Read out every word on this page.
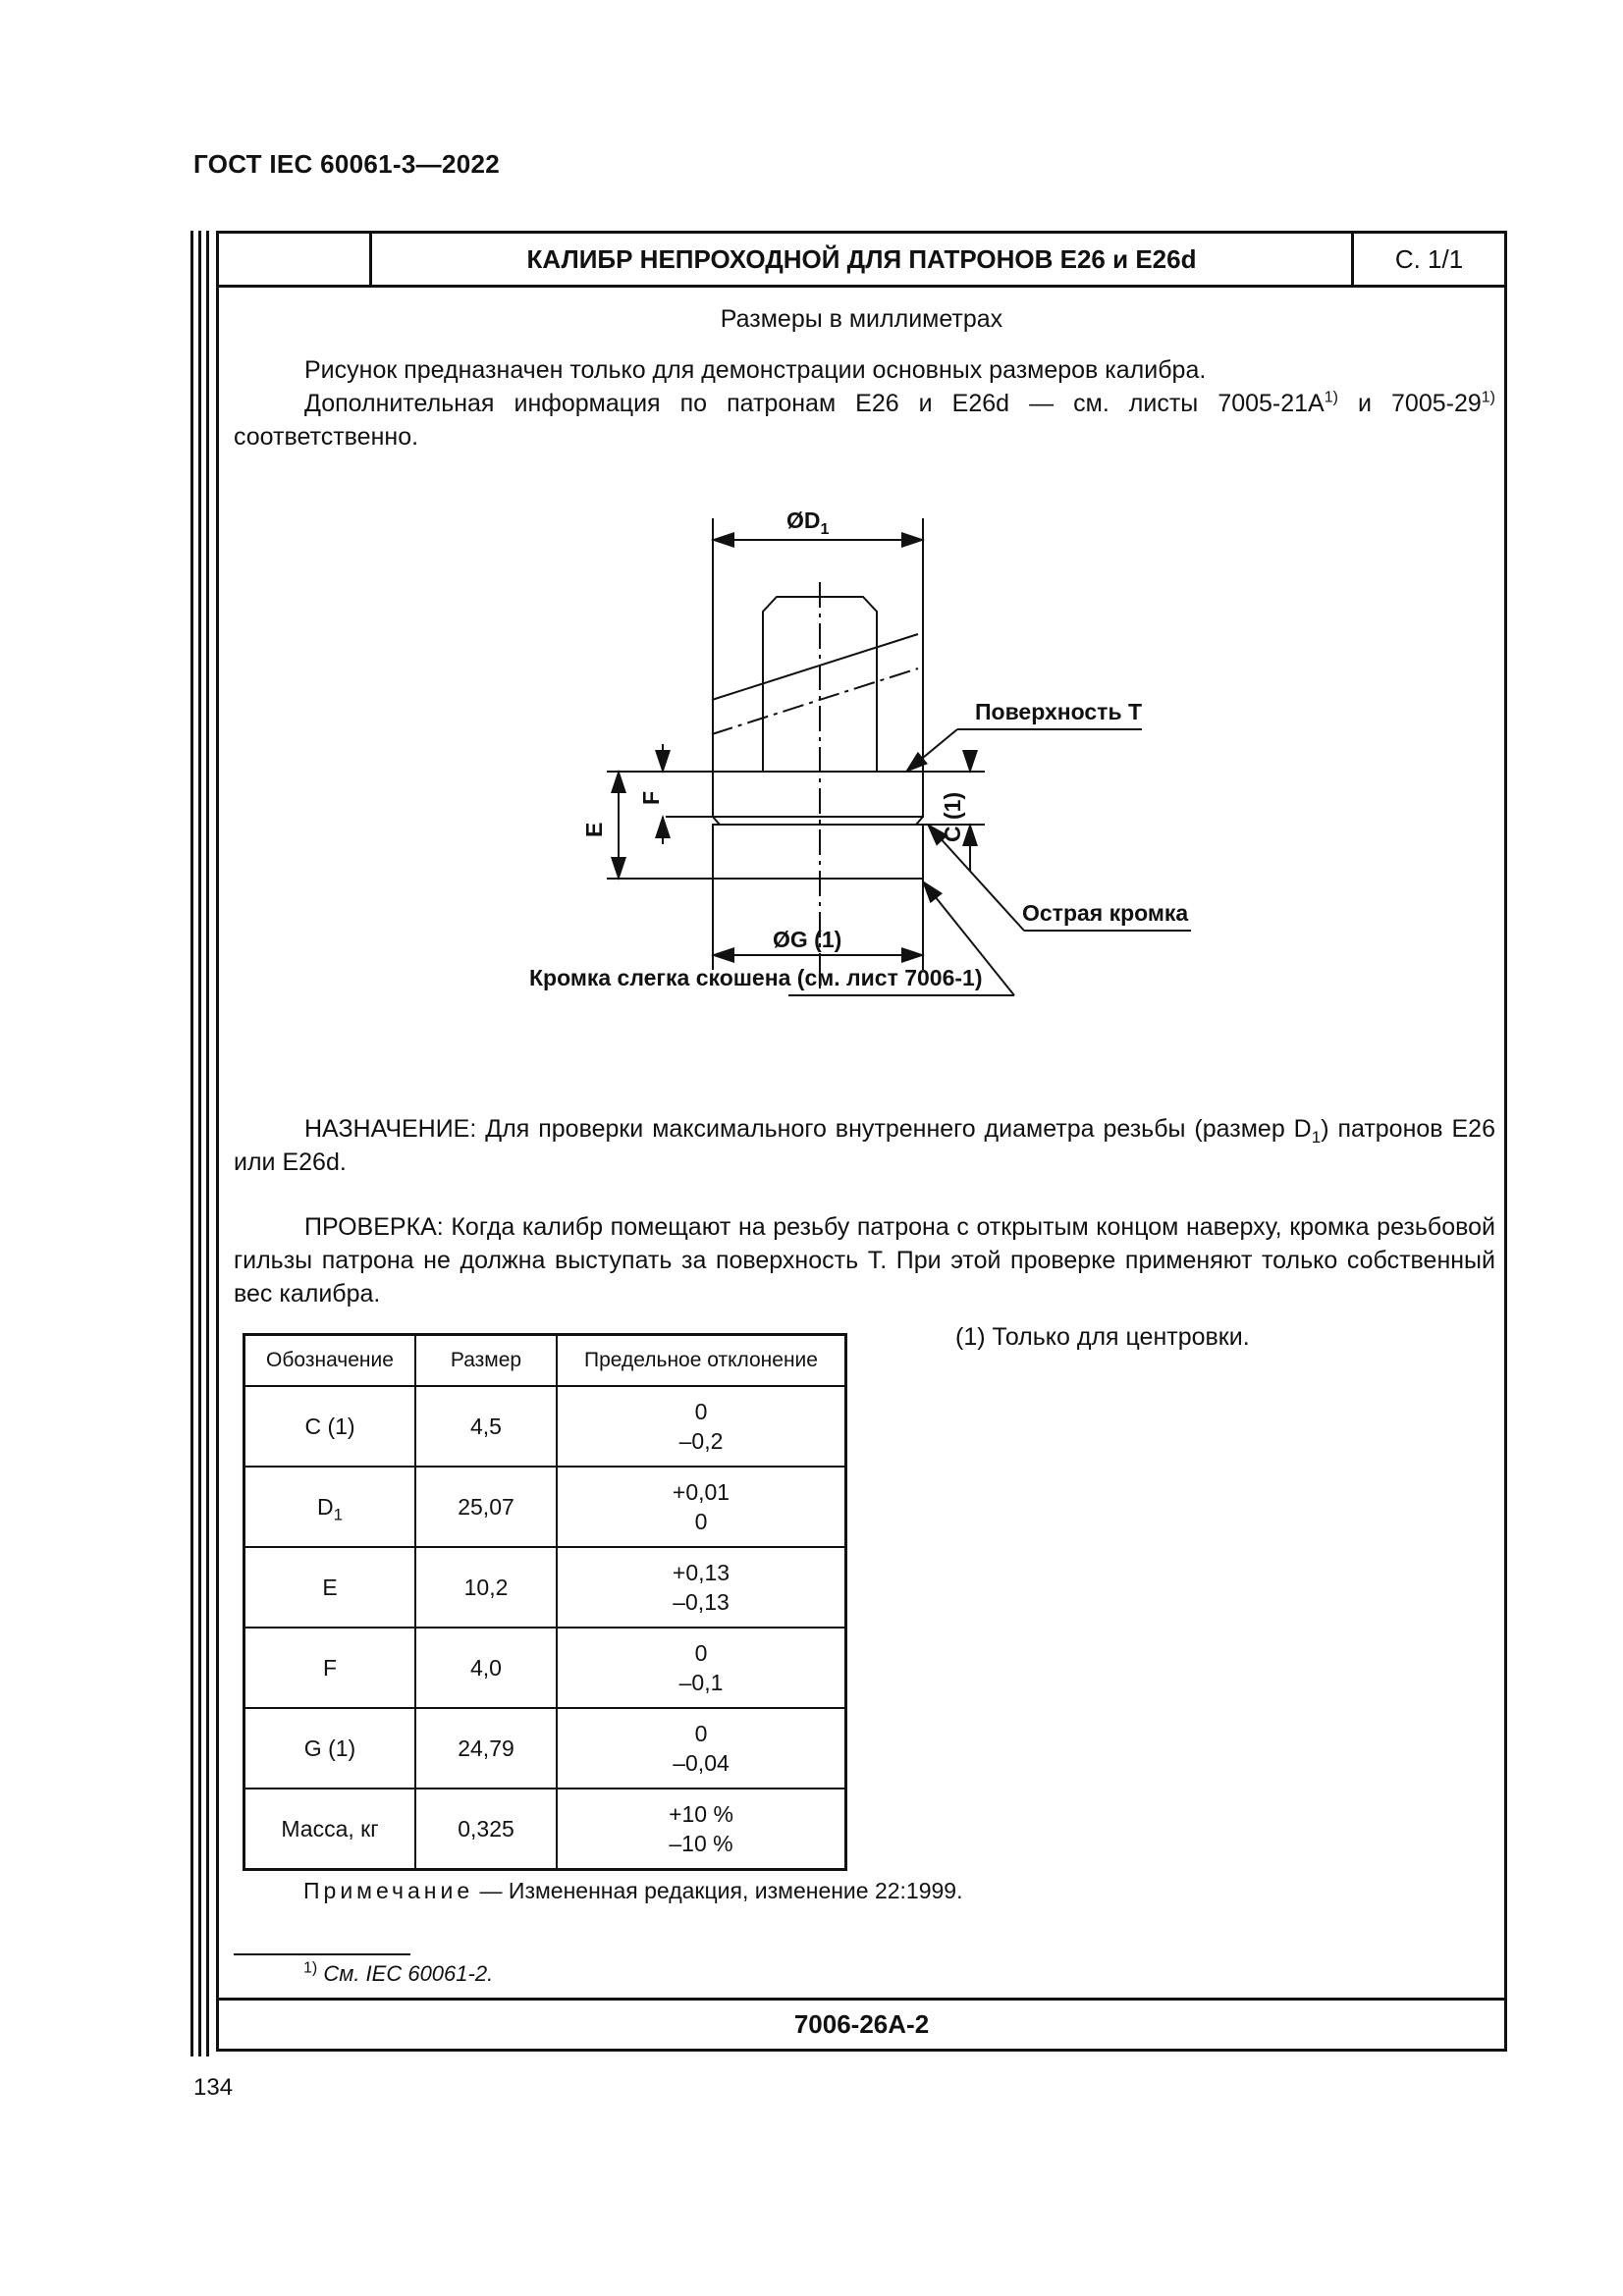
ГОСТ IEC 60061-3—2022
КАЛИБР НЕПРОХОДНОЙ ДЛЯ ПАТРОНОВ E26 и E26d	С. 1/1
Размеры в миллиметрах

Рисунок предназначен только для демонстрации основных размеров калибра.

Дополнительная информация по патронам E26 и E26d — см. листы $7005-21A^{1)}$ и 7005-29$^{1)}$ соответственно.

$ØD_1$
Поверхность Т
Острая кромка
Кромка слегка скошена (см. лист 7006-1)
ØG (1)
E
F	C (1)

НАЗНАЧЕНИЕ: Для проверки максимального внутреннего диаметра резьбы (размер $D_1$) патронов E26 или E26d.

ПРОВЕРКА: Когда калибр помещают на резьбу патрона с открытым концом наверху, кромка резьбовой гильзы патрона не должна выступать за поверхность Т. При этой проверке применяют только собственный вес калибра.

Обозначение	Размер	Предельное отклонение
C (1)	4,5	0
–0,2

$D_1$	25,07	+0,01
0

E	10,2	+0,13
–0,13

F	4,0	0
–0,1

G (1)	24,79	0
–0,04

Масса, кг	0,325	+10 %
–10 %
(1) Только для центровки.
Примечание — Измененная редакция, изменение 22:1999.
$^{1)}$ См. IEC 60061-2.
7006-26A-2
134
